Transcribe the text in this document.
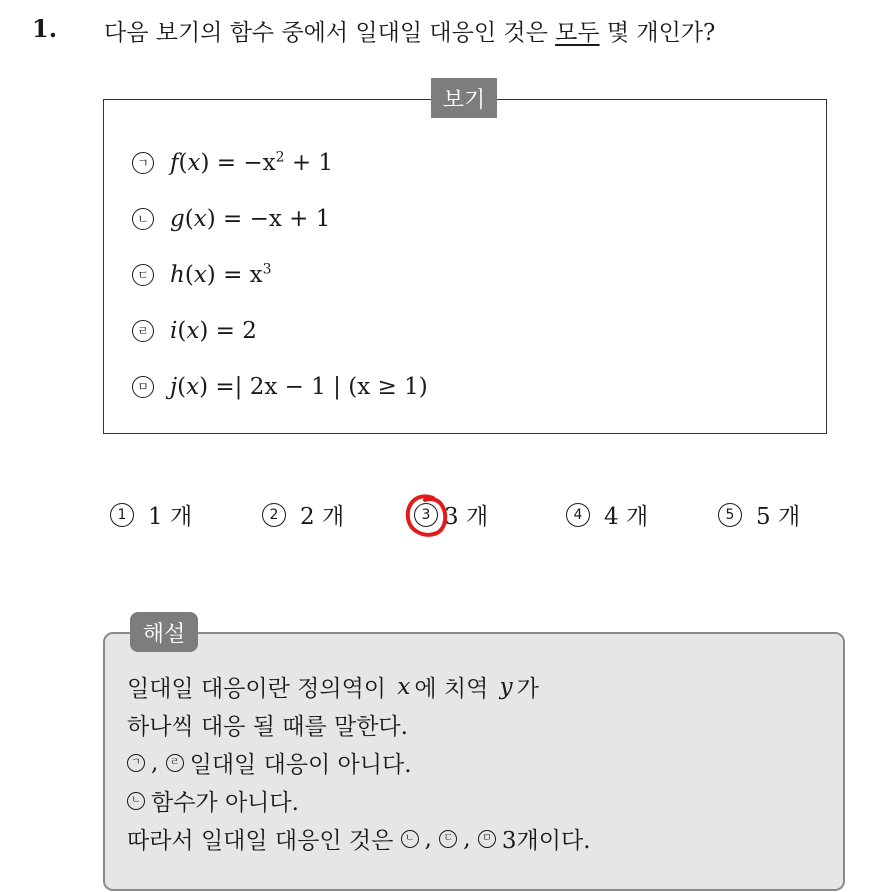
1. 다음 보기의 함수 중에서 일대일 대응인 것은 모두 몇 개인가?
보기
ㄱ $f(x) = -x^2 + 1$
ㄴ g(x) = −x + 1
ㄷ $h(x) = x^3$
ㄹ i(x) = 2
ㅁ j(x) =| 2x − 1 | (x ≥ 1)
1 1 개	2 2 개	3 3 개	4 4 개	5 5 개
해설
일대일 대응이란 정의역이
x 에 치역
y 가
하나씩 대응 될 때를 말한다.
ㄱ , ㄹ 일대일 대응이 아니다.
ㄴ 함수가 아니다.
따라서 일대일 대응인 것은
	ㄴ , ㄷ , ㅁ 3개이다.
